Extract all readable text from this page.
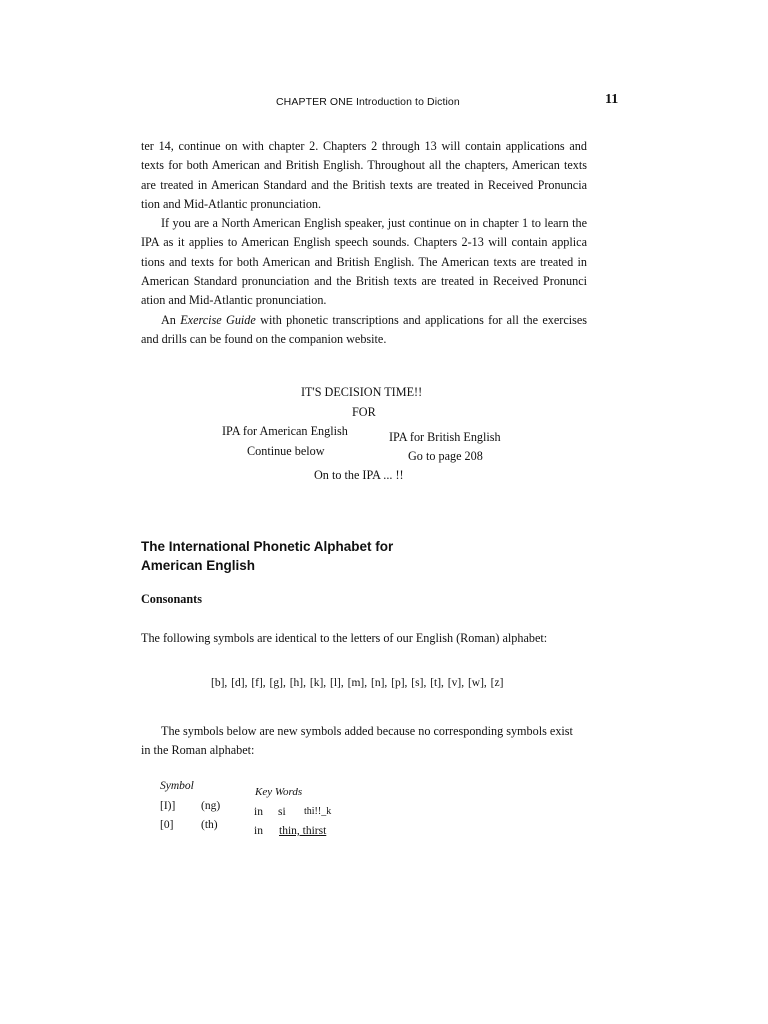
CHAPTER ONE Introduction to Diction	11

ter 14, continue on with chapter 2. Chapters 2 through 13 will contain applications and texts for both American and British English. Throughout all the chapters, American texts are treated in American Standard and the British texts are treated in Received Pronuncia tion and Mid-Atlantic pronunciation.

If you are a North American English speaker, just continue on in chapter 1 to learn the IPA as it applies to American English speech sounds. Chapters 2-13 will contain applica tions and texts for both American and British English. The American texts are treated in American Standard pronunciation and the British texts are treated in Received Pronunci ation and Mid-Atlantic pronunciation.

An Exercise Guide with phonetic transcriptions and applications for all the exercises and drills can be found on the companion website.

IT'S DECISION TIME!!
FOR
IPA for American English
Continue below
IPA for British English
Go to page 208
On to the IPA ... !!
The International Phonetic Alphabet for
American English
Consonants
The following symbols are identical to the letters of our English (Roman) alphabet:
[b], [d], [f], [g], [h], [k], [l], [m], [n], [p], [s], [t], [v], [w], [z]
The symbols below are new symbols added because no corresponding symbols exist
in the Roman alphabet:
Symbol	Key Words
[I)] (ng)	in si thi!!_k
[0] (th)	in thin, thirst
